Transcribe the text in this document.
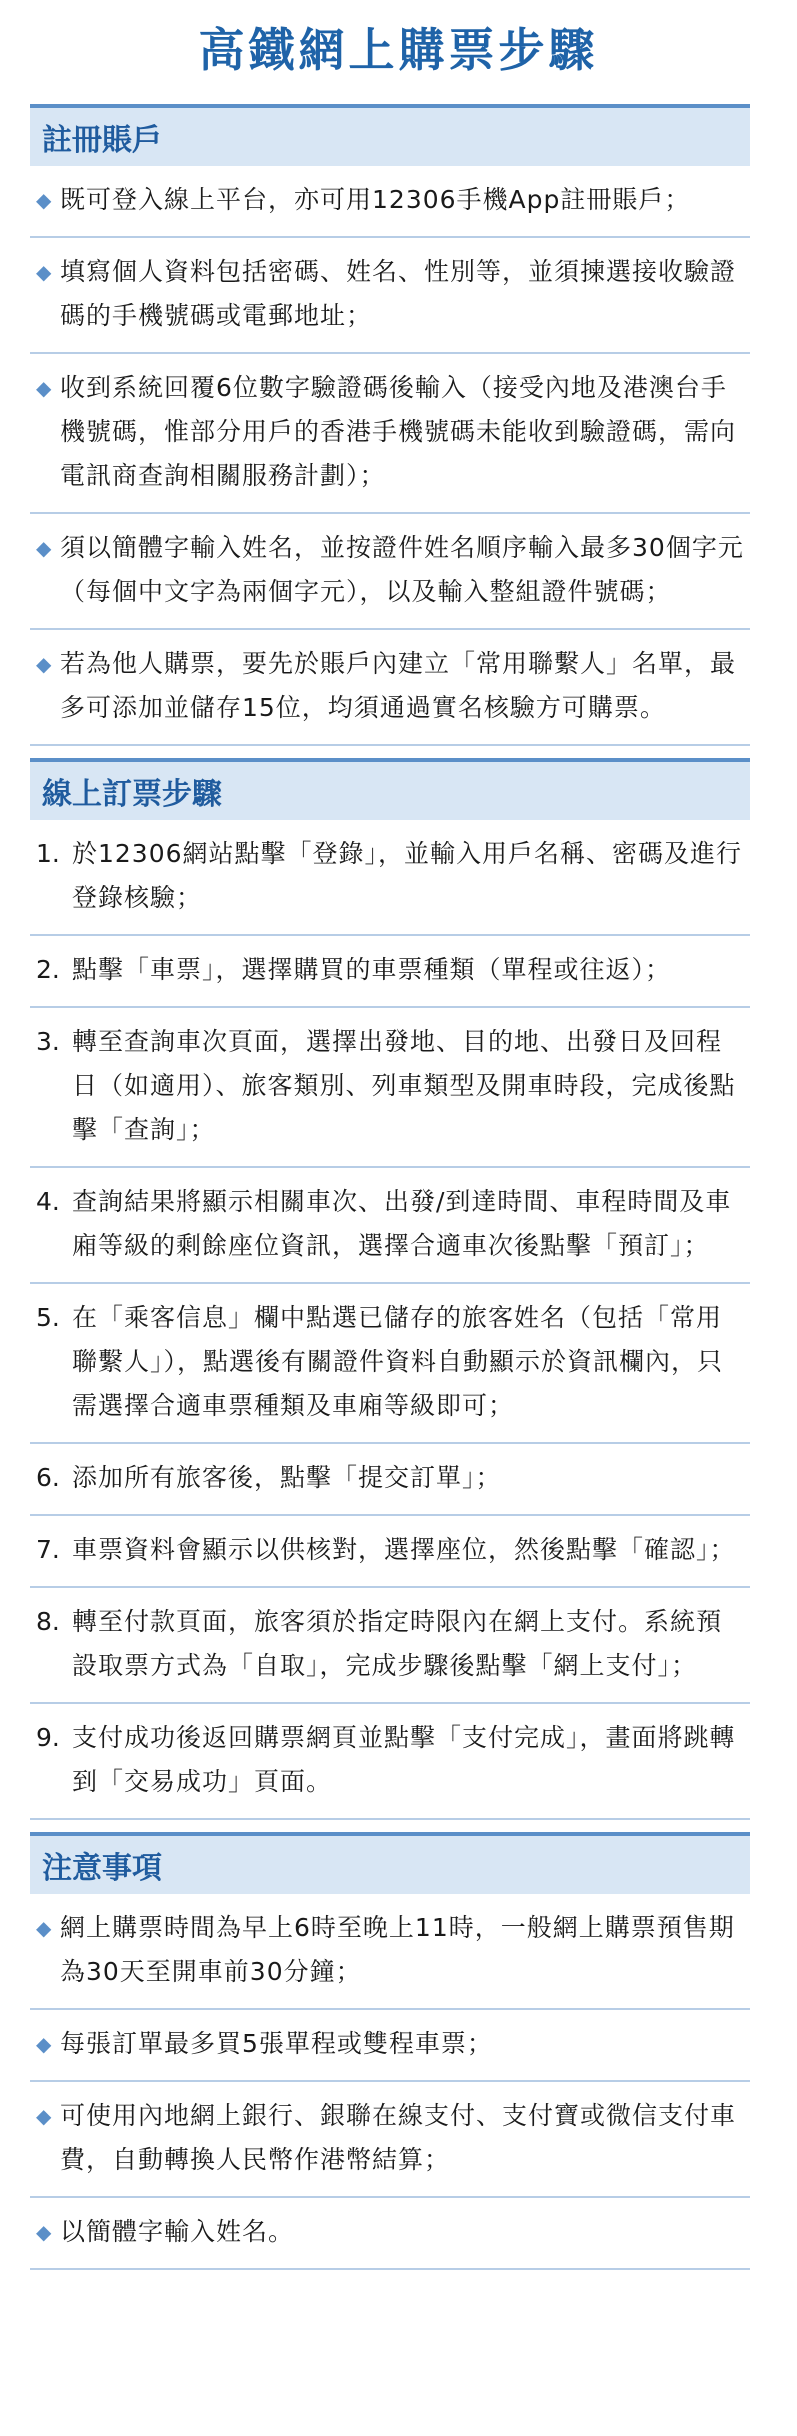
高鐵網上購票步驟
註冊賬戶
◆ 既可登入線上平台，亦可用12306手機App註冊賬戶；
◆ 填寫個人資料包括密碼、姓名、性別等，並須揀選接收驗證碼的手機號碼或電郵地址；
◆ 收到系統回覆6位數字驗證碼後輸入（接受內地及港澳台手機號碼，惟部分用戶的香港手機號碼未能收到驗證碼，需向電訊商查詢相關服務計劃）；
◆ 須以簡體字輸入姓名，並按證件姓名順序輸入最多30個字元（每個中文字為兩個字元），以及輸入整組證件號碼；
◆ 若為他人購票，要先於賬戶內建立「常用聯繫人」名單，最多可添加並儲存15位，均須通過實名核驗方可購票。
線上訂票步驟
1. 於12306網站點擊「登錄」，並輸入用戶名稱、密碼及進行登錄核驗；
2. 點擊「車票」，選擇購買的車票種類（單程或往返）；
3. 轉至查詢車次頁面，選擇出發地、目的地、出發日及回程日（如適用）、旅客類別、列車類型及開車時段，完成後點擊「查詢」；
4. 查詢結果將顯示相關車次、出發/到達時間、車程時間及車廂等級的剩餘座位資訊，選擇合適車次後點擊「預訂」；
5. 在「乘客信息」欄中點選已儲存的旅客姓名（包括「常用聯繫人」），點選後有關證件資料自動顯示於資訊欄內，只需選擇合適車票種類及車廂等級即可；
6. 添加所有旅客後，點擊「提交訂單」；
7. 車票資料會顯示以供核對，選擇座位，然後點擊「確認」；
8. 轉至付款頁面，旅客須於指定時限內在網上支付。系統預設取票方式為「自取」，完成步驟後點擊「網上支付」；
9. 支付成功後返回購票網頁並點擊「支付完成」，畫面將跳轉到「交易成功」頁面。
注意事項
◆ 網上購票時間為早上6時至晚上11時，一般網上購票預售期為30天至開車前30分鐘；
◆ 每張訂單最多買5張單程或雙程車票；
◆ 可使用內地網上銀行、銀聯在線支付、支付寶或微信支付車費，自動轉換人民幣作港幣結算；
◆ 以簡體字輸入姓名。
